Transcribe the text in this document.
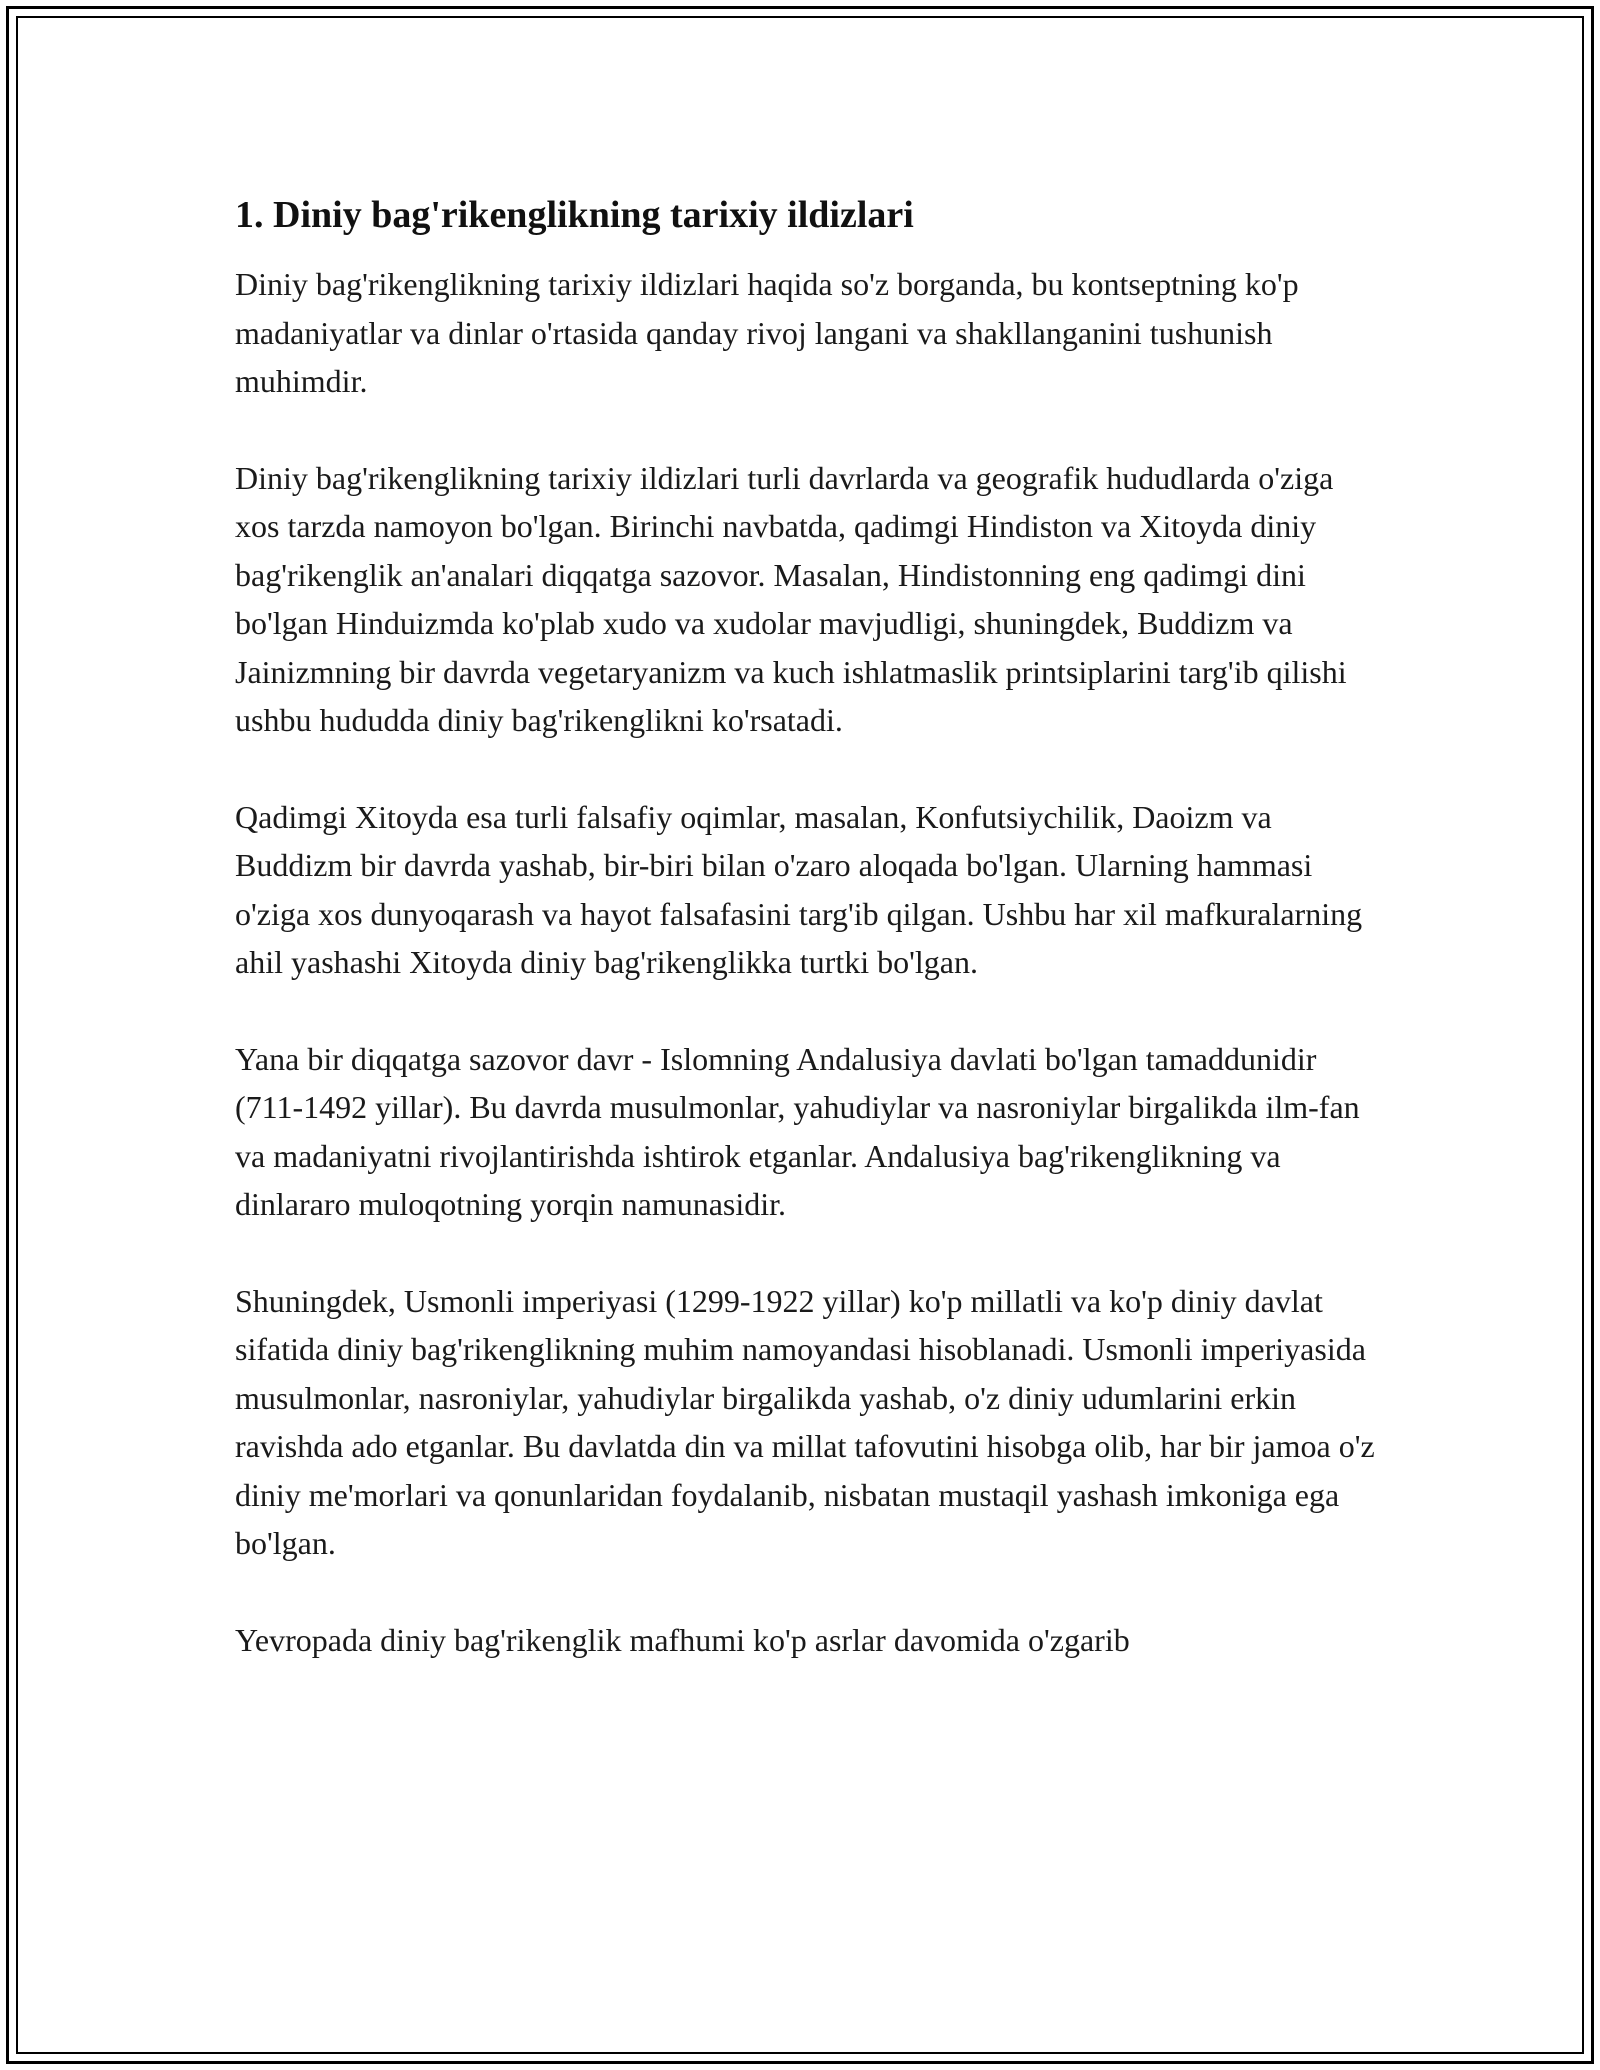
1. Diniy bag'rikenglikning tarixiy ildizlari

Diniy bag'rikenglikning tarixiy ildizlari haqida so'z borganda, bu kontseptning ko'p madaniyatlar va dinlar o'rtasida qanday rivoj langani va shakllanganini tushunish muhimdir.

Diniy bag'rikenglikning tarixiy ildizlari turli davrlarda va geografik hududlarda o'ziga xos tarzda namoyon bo'lgan. Birinchi navbatda, qadimgi Hindiston va Xitoyda diniy bag'rikenglik an'analari diqqatga sazovor. Masalan, Hindistonning eng qadimgi dini bo'lgan Hinduizmda ko'plab xudo va xudolar mavjudligi, shuningdek, Buddizm va Jainizmning bir davrda vegetaryanizm va kuch ishlatmaslik printsiplarini targ'ib qilishi ushbu hududda diniy bag'rikenglikni ko'rsatadi.

Qadimgi Xitoyda esa turli falsafiy oqimlar, masalan, Konfutsiychilik, Daoizm va Buddizm bir davrda yashab, bir-biri bilan o'zaro aloqada bo'lgan. Ularning hammasi o'ziga xos dunyoqarash va hayot falsafasini targ'ib qilgan. Ushbu har xil mafkuralarning ahil yashashi Xitoyda diniy bag'rikenglikka turtki bo'lgan.

Yana bir diqqatga sazovor davr - Islomning Andalusiya davlati bo'lgan tamaddunidir (711-1492 yillar). Bu davrda musulmonlar, yahudiylar va nasroniylar birgalikda ilm-fan va madaniyatni rivojlantirishda ishtirok etganlar. Andalusiya bag'rikenglikning va dinlararo muloqotning yorqin namunasidir.

Shuningdek, Usmonli imperiyasi (1299-1922 yillar) ko'p millatli va ko'p diniy davlat sifatida diniy bag'rikenglikning muhim namoyandasi hisoblanadi. Usmonli imperiyasida musulmonlar, nasroniylar, yahudiylar birgalikda yashab, o'z diniy udumlarini erkin ravishda ado etganlar. Bu davlatda din va millat tafovutini hisobga olib, har bir jamoa o'z diniy me'morlari va qonunlaridan foydalanib, nisbatan mustaqil yashash imkoniga ega bo'lgan.

Yevropada diniy bag'rikenglik mafhumi ko'p asrlar davomida o'zgarib
